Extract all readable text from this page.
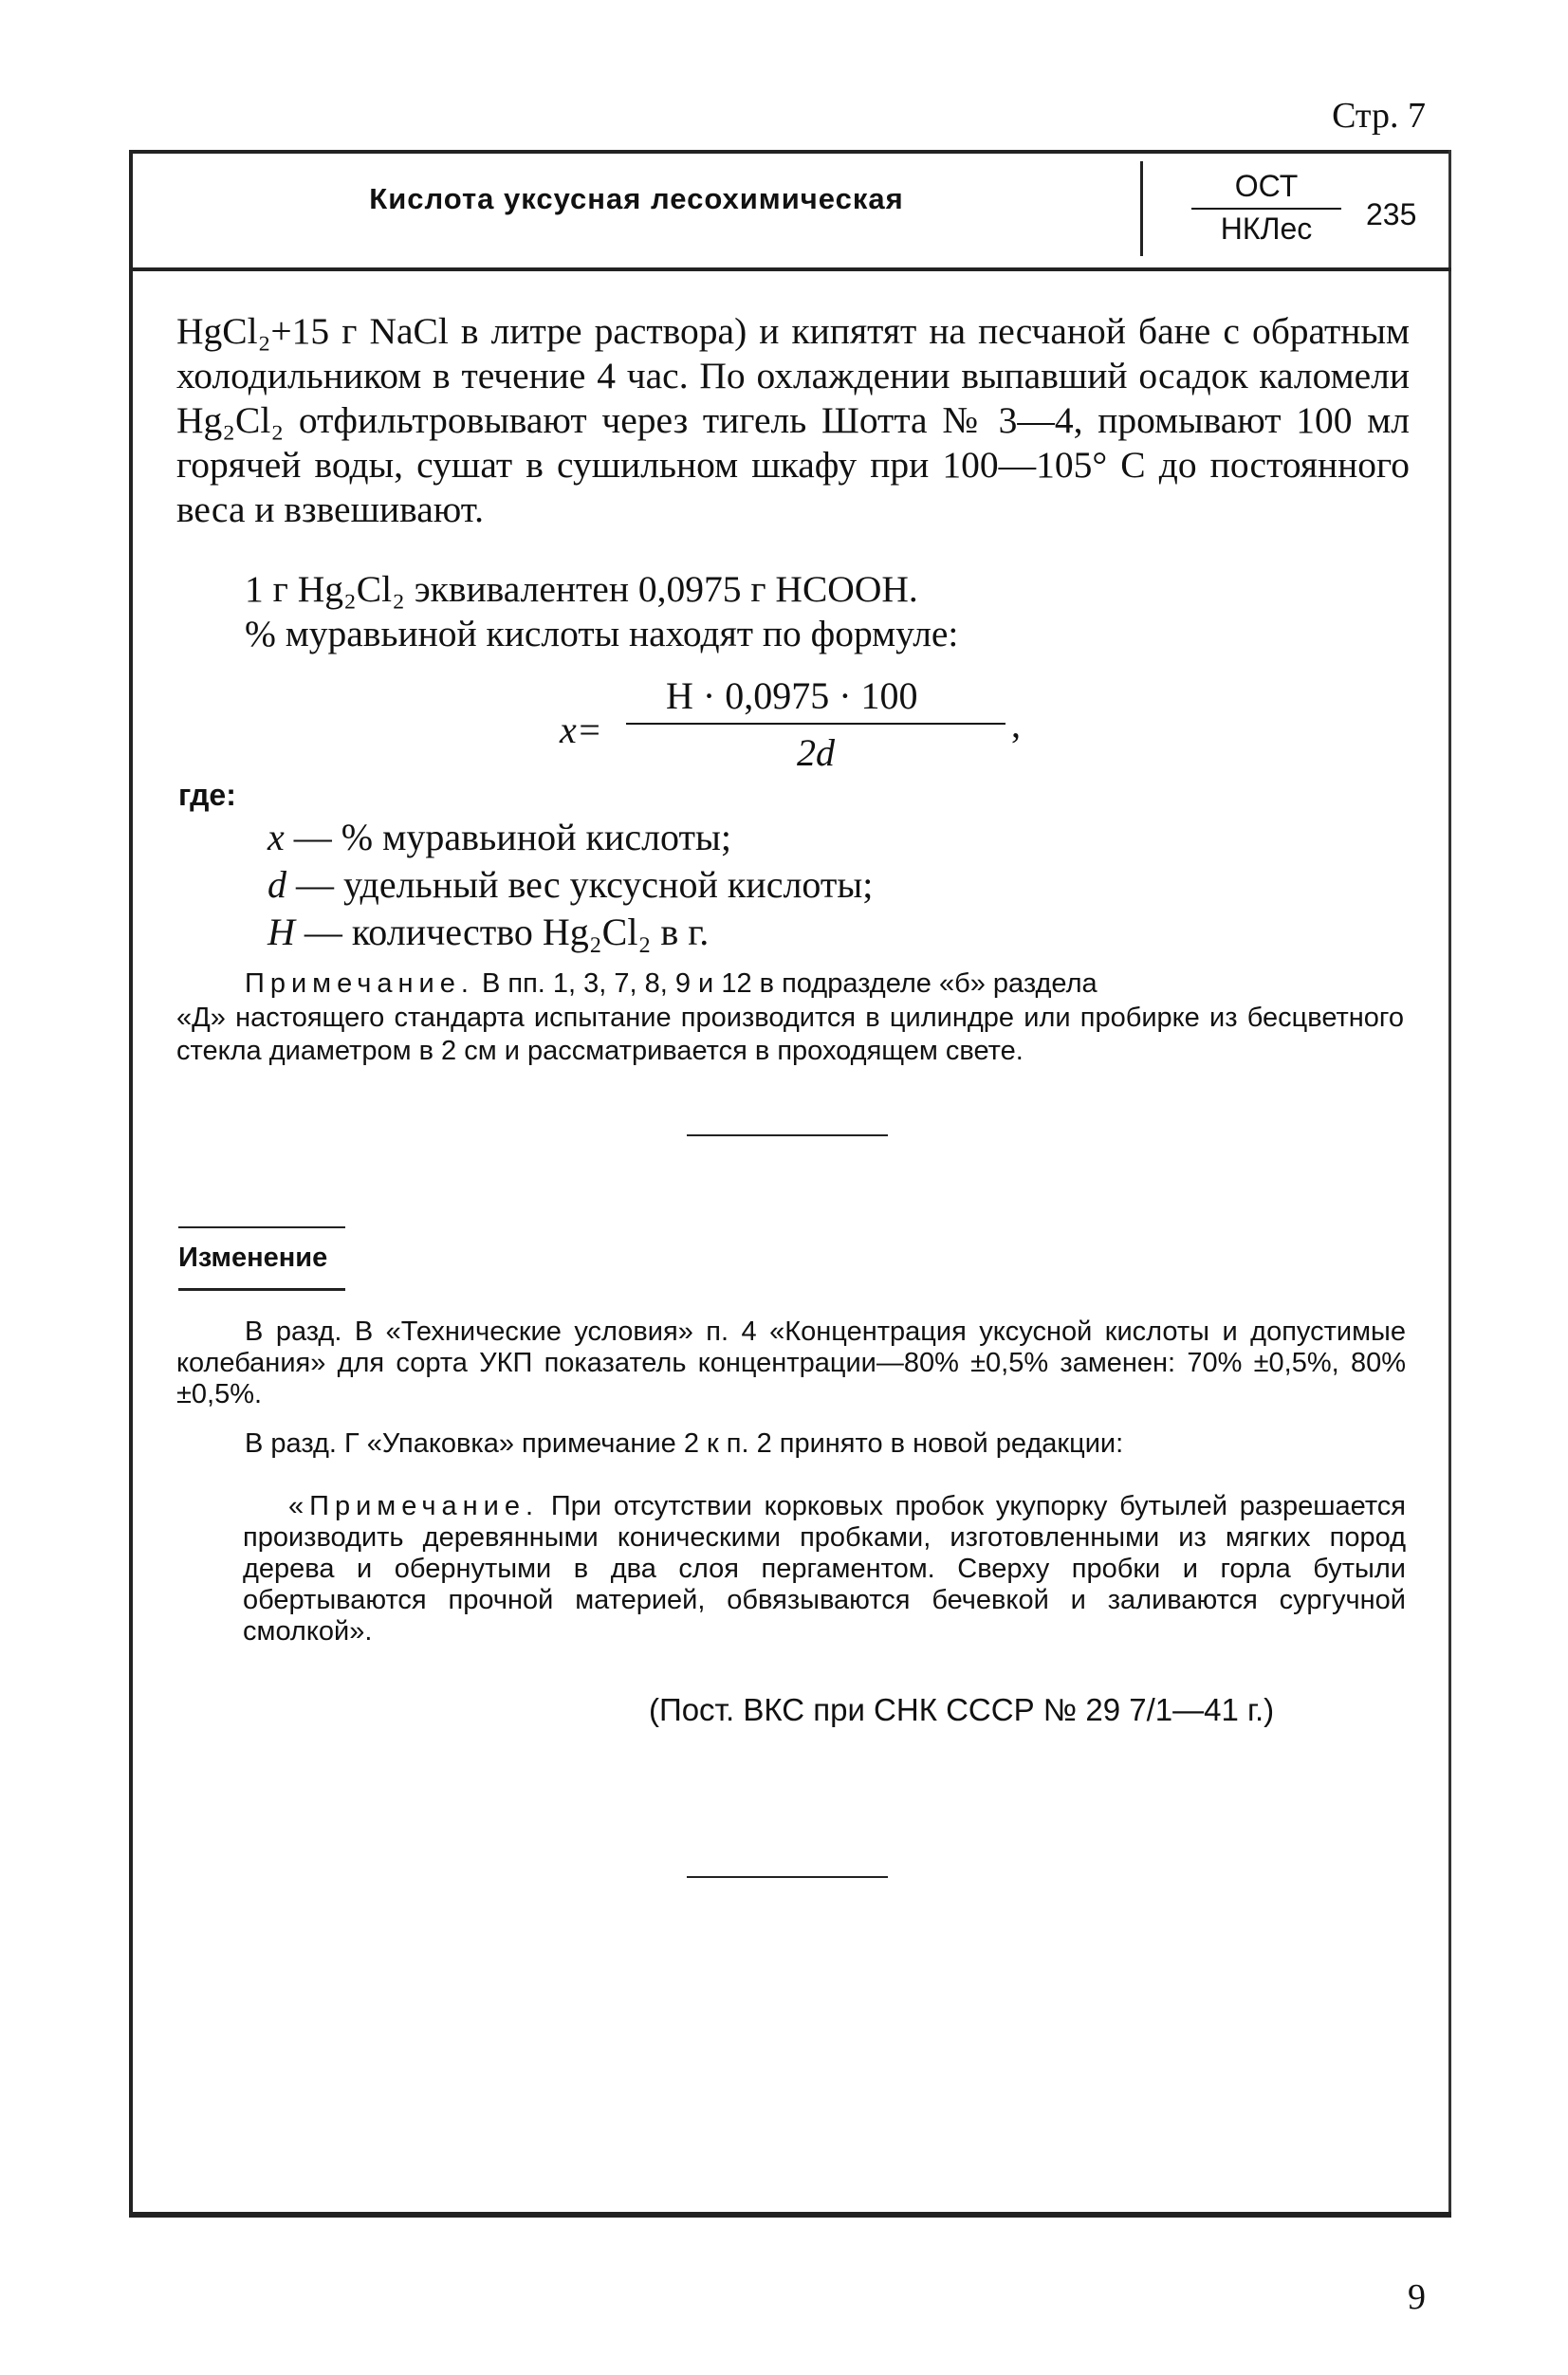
Стр. 7
Кислота уксусная лесохимическая	ОСТ
НКЛес	235
HgCl₂+15 г NaCl в литре раствора) и кипятят на песчаной бане с обратным холодильником в течение 4 час. По охлаждении выпавший осадок каломели Hg₂Cl₂ отфильтровывают через тигель Шотта № 3—4, промывают 100 мл горячей воды, сушат в сушильном шкафу при 100—105° С до постоянного веса и взвешивают.
1 г Hg₂Cl₂ эквивалентен 0,0975 г HCOOH.
% муравьиной кислоты находят по формуле:
x=
H · 0,0975 · 100
2d
,
где:
x — % муравьиной кислоты;
d — удельный вес уксусной кислоты;
H — количество Hg₂Cl₂ в г.
Примечание. В пп. 1, 3, 7, 8, 9 и 12 в подразделе «б» раздела
«Д» настоящего стандарта испытание производится в цилиндре или пробирке из бесцветного стекла диаметром в 2 см и рассматривается в проходящем свете.
Изменение
В разд. В «Технические условия» п. 4 «Концентрация уксусной кислоты и допустимые колебания» для сорта УКП показатель концентрации—80% ±0,5% заменен: 70% ±0,5%, 80% ±0,5%.
В разд. Г «Упаковка» примечание 2 к п. 2 принято в новой редакции:
«Примечание. При отсутствии корковых пробок укупорку бутылей разрешается производить деревянными коническими пробками, изготовленными из мягких пород дерева и обернутыми в два слоя пергаментом. Сверху пробки и горла бутыли обертываются прочной материей, обвязываются бечевкой и заливаются сургучной смолкой».
(Пост. ВКС при СНК СССР № 29 7/1—41 г.)
9
